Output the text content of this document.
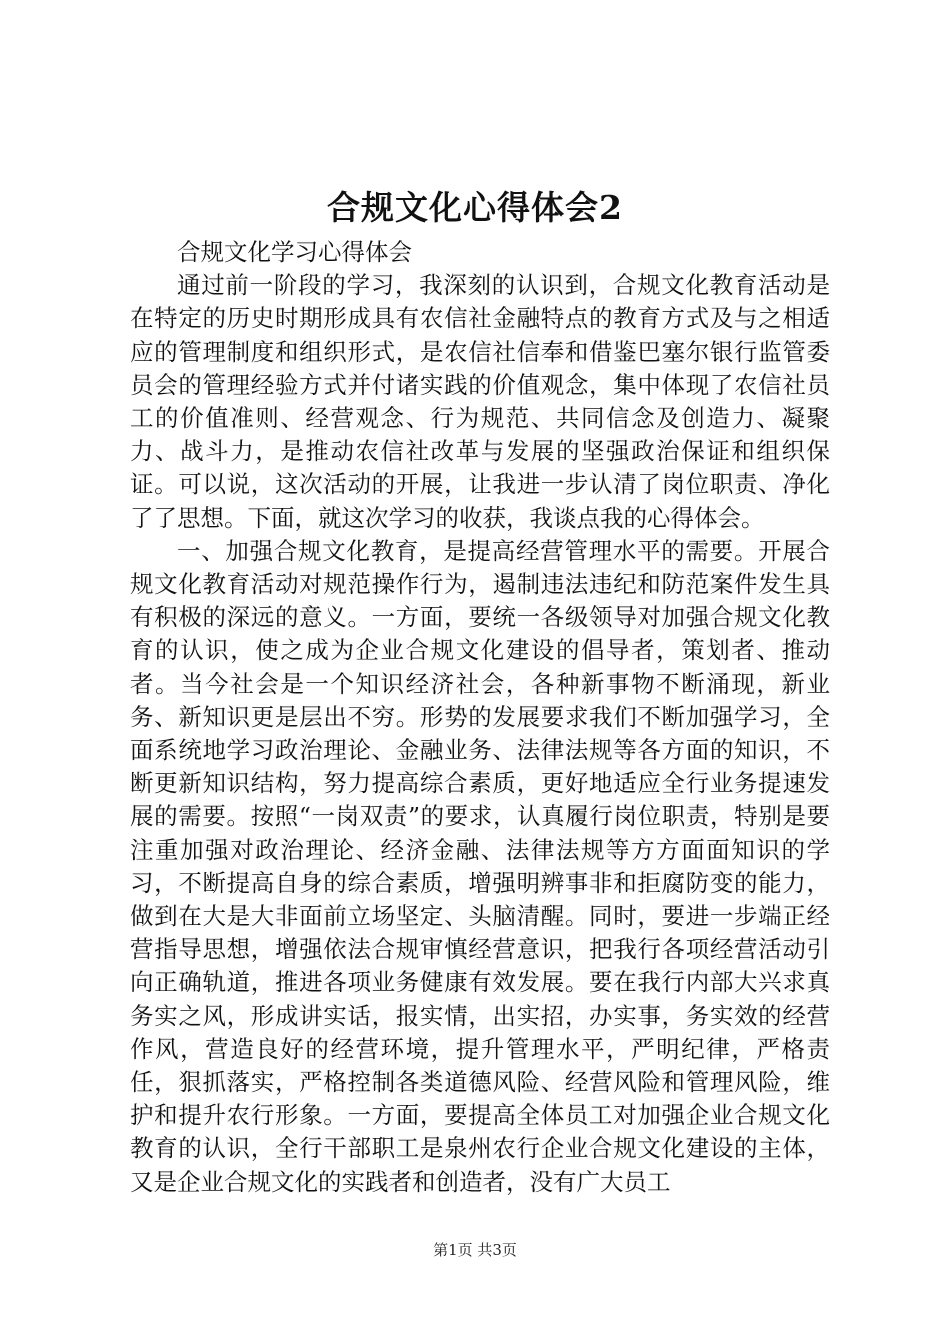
合规文化心得体会2

合规文化学习心得体会

通过前一阶段的学习，我深刻的认识到，合规文化教育活动是在特定的历史时期形成具有农信社金融特点的教育方式及与之相适应的管理制度和组织形式，是农信社信奉和借鉴巴塞尔银行监管委员会的管理经验方式并付诸实践的价值观念，集中体现了农信社员工的价值准则、经营观念、行为规范、共同信念及创造力、凝聚力、战斗力，是推动农信社改革与发展的坚强政治保证和组织保证。可以说，这次活动的开展，让我进一步认清了岗位职责、净化了了思想。下面，就这次学习的收获，我谈点我的心得体会。

一、加强合规文化教育，是提高经营管理水平的需要。开展合规文化教育活动对规范操作行为，遏制违法违纪和防范案件发生具有积极的深远的意义。一方面，要统一各级领导对加强合规文化教育的认识，使之成为企业合规文化建设的倡导者，策划者、推动者。当今社会是一个知识经济社会，各种新事物不断涌现，新业务、新知识更是层出不穷。形势的发展要求我们不断加强学习，全面系统地学习政治理论、金融业务、法律法规等各方面的知识，不断更新知识结构，努力提高综合素质，更好地适应全行业务提速发展的需要。按照“一岗双责”的要求，认真履行岗位职责，特别是要注重加强对政治理论、经济金融、法律法规等方方面面知识的学习，不断提高自身的综合素质，增强明辨事非和拒腐防变的能力，做到在大是大非面前立场坚定、头脑清醒。同时，要进一步端正经营指导思想，增强依法合规审慎经营意识，把我行各项经营活动引向正确轨道，推进各项业务健康有效发展。要在我行内部大兴求真务实之风，形成讲实话，报实情，出实招，办实事，务实效的经营作风，营造良好的经营环境，提升管理水平，严明纪律，严格责任，狠抓落实，严格控制各类道德风险、经营风险和管理风险，维护和提升农行形象。一方面，要提高全体员工对加强企业合规文化教育的认识，全行干部职工是泉州农行企业合规文化建设的主体，又是企业合规文化的实践者和创造者，没有广大员工

第1页 共3页
